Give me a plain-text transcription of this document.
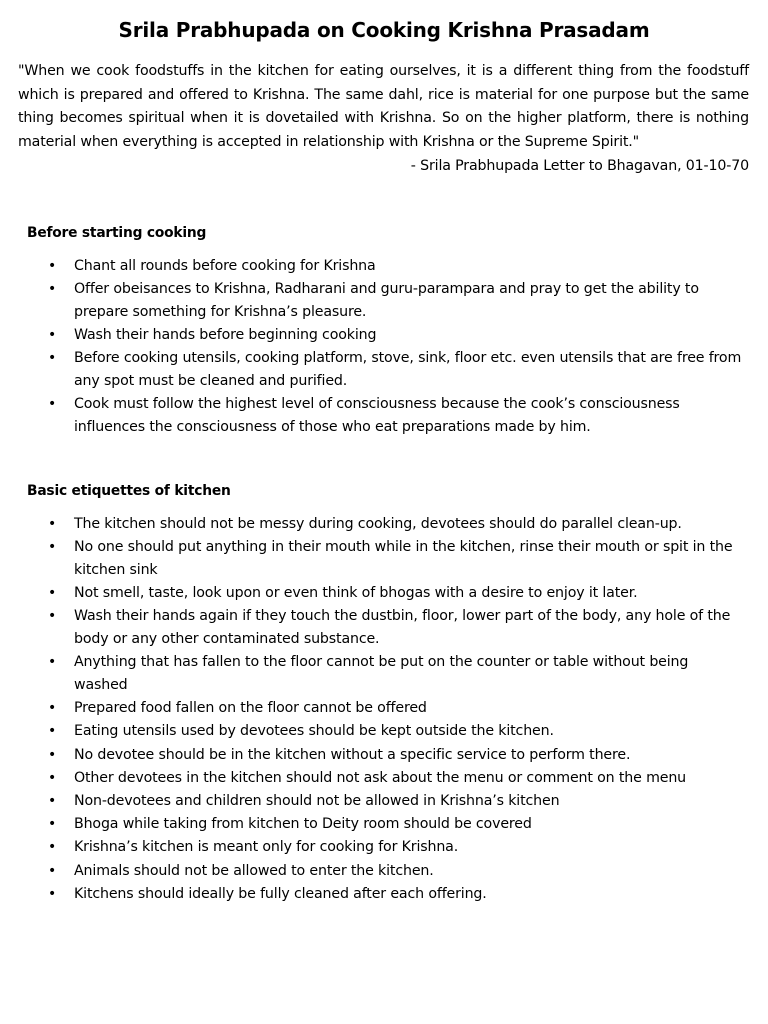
Srila Prabhupada on Cooking Krishna Prasadam

"When we cook foodstuffs in the kitchen for eating ourselves, it is a different thing from the foodstuff which is prepared and offered to Krishna. The same dahl, rice is material for one purpose but the same thing becomes spiritual when it is dovetailed with Krishna. So on the higher platform, there is nothing material when everything is accepted in relationship with Krishna or the Supreme Spirit."

- Srila Prabhupada Letter to Bhagavan, 01-10-70

Before starting cooking

• Chant all rounds before cooking for Krishna
• Offer obeisances to Krishna, Radharani and guru-parampara and pray to get the ability to prepare something for Krishna’s pleasure.
• Wash their hands before beginning cooking
• Before cooking utensils, cooking platform, stove, sink, floor etc. even utensils that are free from any spot must be cleaned and purified.
• Cook must follow the highest level of consciousness because the cook’s consciousness influences the consciousness of those who eat preparations made by him.

Basic etiquettes of kitchen

• The kitchen should not be messy during cooking, devotees should do parallel clean-up.
• No one should put anything in their mouth while in the kitchen, rinse their mouth or spit in the kitchen sink
• Not smell, taste, look upon or even think of bhogas with a desire to enjoy it later.
• Wash their hands again if they touch the dustbin, floor, lower part of the body, any hole of the body or any other contaminated substance.
• Anything that has fallen to the floor cannot be put on the counter or table without being washed
• Prepared food fallen on the floor cannot be offered
• Eating utensils used by devotees should be kept outside the kitchen.
• No devotee should be in the kitchen without a specific service to perform there.
• Other devotees in the kitchen should not ask about the menu or comment on the menu
• Non-devotees and children should not be allowed in Krishna’s kitchen
• Bhoga while taking from kitchen to Deity room should be covered
• Krishna’s kitchen is meant only for cooking for Krishna.
• Animals should not be allowed to enter the kitchen.
• Kitchens should ideally be fully cleaned after each offering.
